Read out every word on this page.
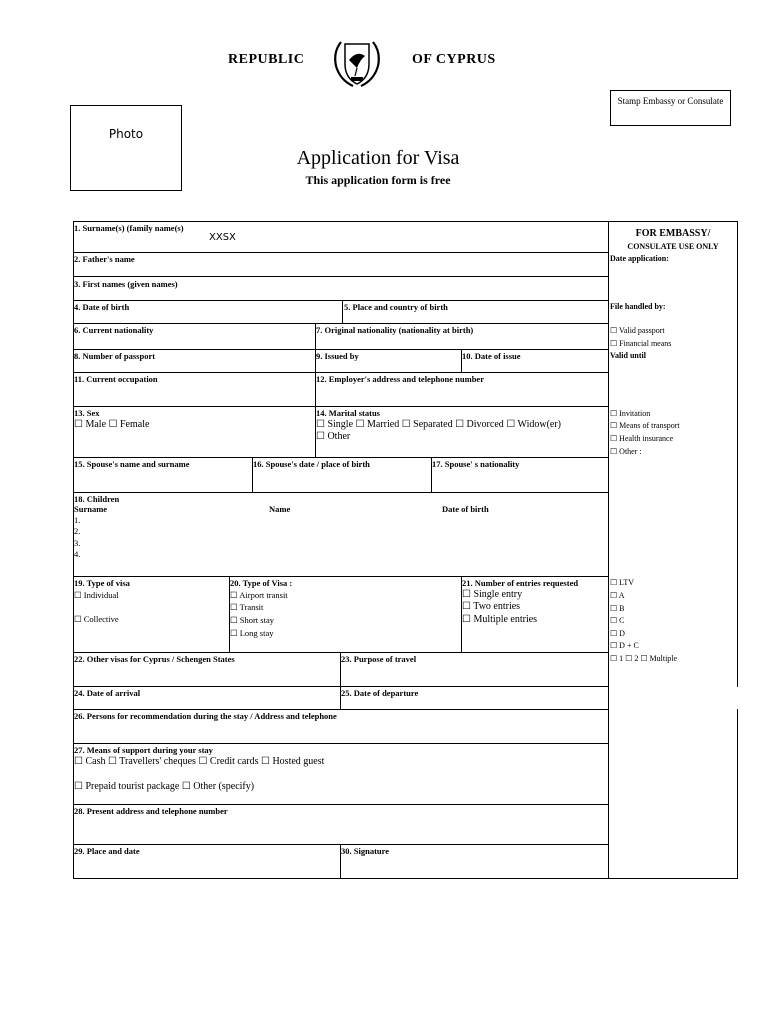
REPUBLIC	OF CYPRUS
Photo
Stamp Embassy or Consulate
Application for Visa
This application form is free
FOR EMBASSY/
CONSULATE USE ONLY
Date application:
File handled by:
☐ Valid passport
☐ Financial means
Valid until
☐ Invitation
☐ Means of transport
☐ Health insurance
☐ Other :
☐ LTV
☐ A
☐ B
☐ C
☐ D
☐ D + C
☐ 1 ☐ 2 ☐ Multiple
1. Surname(s) (family name(s)
XXSX
2. Father's name
3. First names (given names)
4. Date of birth	5. Place and country of birth
6. Current nationality	7. Original nationality (nationality at birth)
8. Number of passport	9. Issued by	10. Date of issue
11. Current occupation	12. Employer's address and telephone number
13. Sex
☐ Male ☐ Female
14. Marital status
☐ Single ☐ Married ☐ Separated ☐ Divorced ☐ Widow(er)
☐ Other
15. Spouse's name and surname	16. Spouse's date / place of birth	17. Spouse' s nationality
18. Children
Surname	Name	Date of birth
1.
2.
3.
4.
19. Type of visa
☐ Individual
☐ Collective
20. Type of Visa :
☐ Airport transit
☐ Transit
☐ Short stay
☐ Long stay
21. Number of entries requested
☐ Single entry
☐ Two entries
☐ Multiple entries
22. Other visas for Cyprus / Schengen States	23. Purpose of travel
24. Date of arrival	25. Date of departure
26. Persons for recommendation during the stay / Address and telephone
27. Means of support during your stay
☐ Cash ☐ Travellers' cheques ☐ Credit cards ☐ Hosted guest
☐ Prepaid tourist package ☐ Other (specify)
28. Present address and telephone number
29. Place and date	30. Signature
